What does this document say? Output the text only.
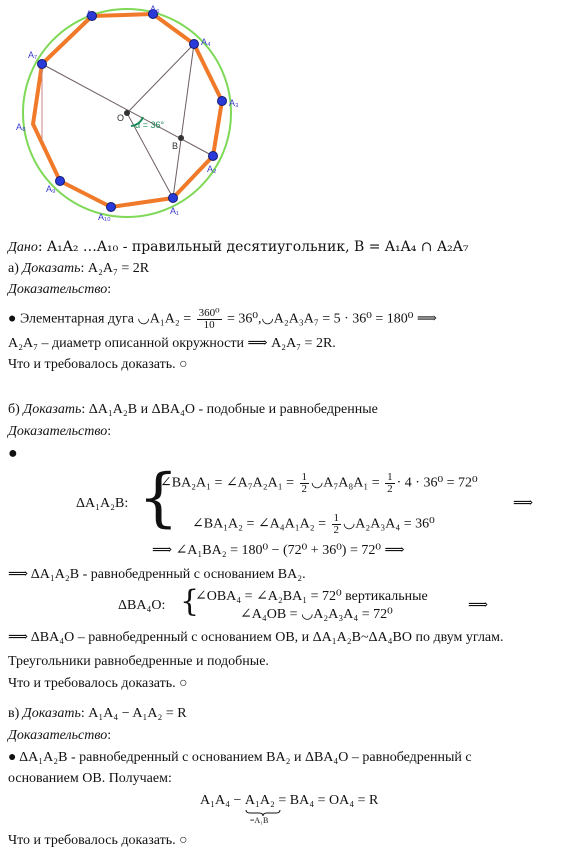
A₁
A₂
A₃
A₄
A₆
A₅
A₇
A₈
A₉
A₁₀
O
B
α = 36°
Дано: A₁A₂ …A₁₀ - правильный десятиугольник, B = A₁A₄ ∩ A₂A₇
а) Доказать: A₂A₇ = 2R
Доказательство:
● Элементарная дуга ◡A₁A₂ = $\frac{\text{360⁰}}{10}$ = 36⁰,◡A₂A₃A₇ = 5 · 36⁰ = 180⁰ ⟹
A₂A₇ – диаметр описанной окружности ⟹ A₂A₇ = 2R.
Что и требовалось доказать. ○
б) Доказать: ΔA₁A₂B и ΔBA₄O - подобные и равнобедренные
Доказательство:
●
ΔA₁A₂B: {
∠BA₂A₁ = ∠A₇A₂A₁ = $\frac{1}{2}$ ◡A₇A₈A₁ = $\frac{1}{2} \cdot 4 \cdot 36^0 = 72^0$
∠BA₁A₂ = ∠A₄A₁A₂ = $\frac{1}{2}$ ◡A₂A₃A₄ = 36⁰
⟹
⟹ ∠A₁BA₂ = 180⁰ − (72⁰ + 36⁰) = 72⁰ ⟹
⟹ ΔA₁A₂B - равнобедренный с основанием BA₂.
ΔBA₄O: {
∠OBA₄ = ∠A₂BA₁ = 72⁰ вертикальные
∠A₄OB = ◡A₂A₃A₄ = 72⁰
⟹
⟹ ΔBA₄O – равнобедренный с основанием OB, и ΔA₁A₂B~ΔA₄BO по двум углам.
Треугольники равнобедренные и подобные.
Что и требовалось доказать. ○
в) Доказать: A₁A₄ − A₁A₂ = R
Доказательство:
● ΔA₁A₂B - равнобедренный с основанием BA₂ и ΔBA₄O – равнобедренный с
основанием OB. Получаем:
A₁A₄ − A₁A₂
=A₁B
= BA₄ = OA₄ = R
Что и требовалось доказать. ○
